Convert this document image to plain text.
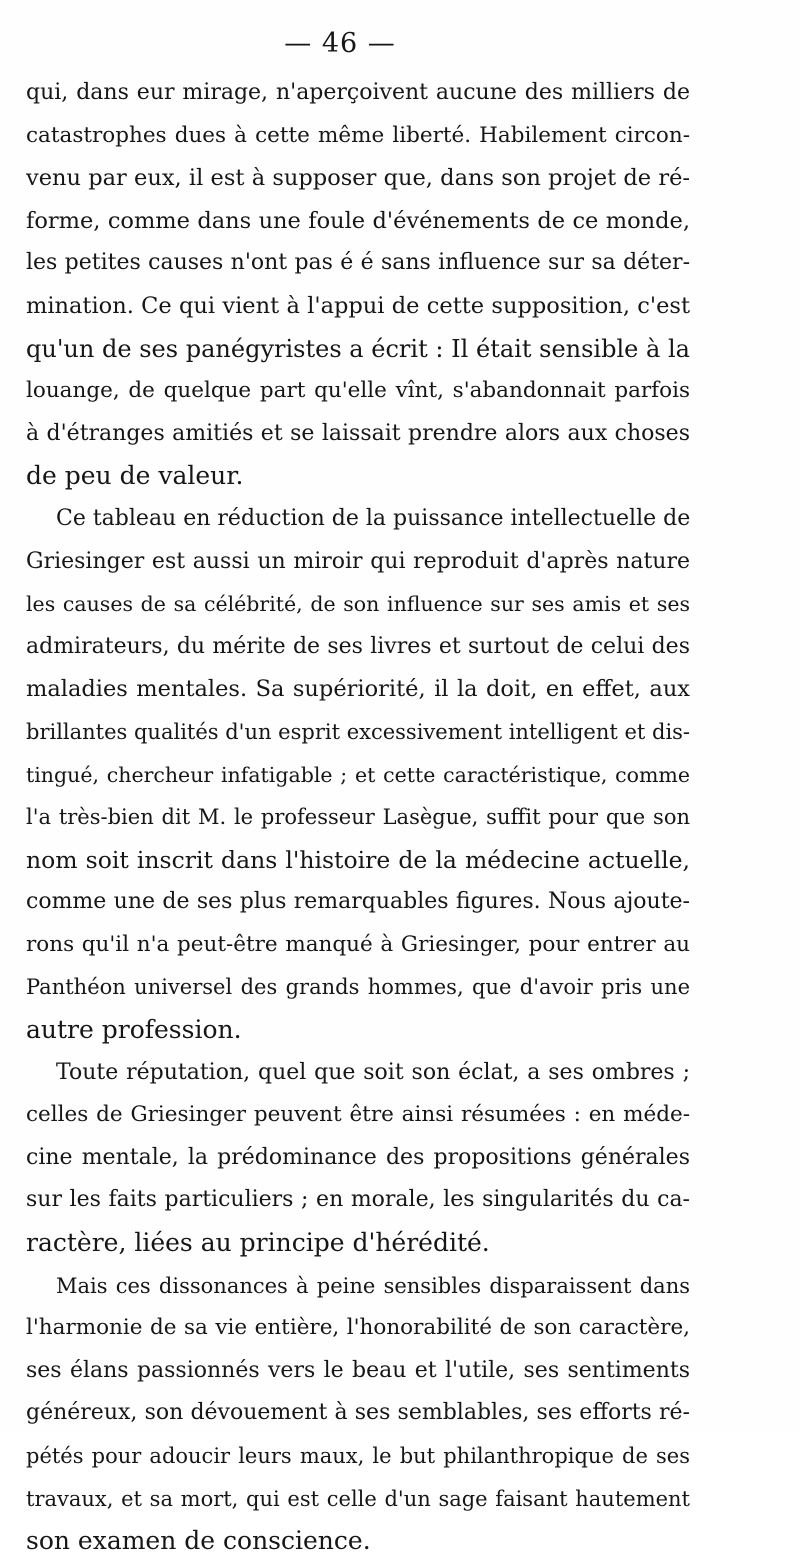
— 46 —
qui, dans eur mirage, n'aperçoivent aucune des milliers de
catastrophes dues à cette même liberté. Habilement circon-
venu par eux, il est à supposer que, dans son projet de ré-
forme, comme dans une foule d'événements de ce monde,
les petites causes n'ont pas é é sans influence sur sa déter-
mination. Ce qui vient à l'appui de cette supposition, c'est
qu'un de ses panégyristes a écrit : Il était sensible à la
louange, de quelque part qu'elle vînt, s'abandonnait parfois
à d'étranges amitiés et se laissait prendre alors aux choses
de peu de valeur.
Ce tableau en réduction de la puissance intellectuelle de
Griesinger est aussi un miroir qui reproduit d'après nature
les causes de sa célébrité, de son influence sur ses amis et ses
admirateurs, du mérite de ses livres et surtout de celui des
maladies mentales. Sa supériorité, il la doit, en effet, aux
brillantes qualités d'un esprit excessivement intelligent et dis-
tingué, chercheur infatigable ; et cette caractéristique, comme
l'a très-bien dit M. le professeur Lasègue, suffit pour que son
nom soit inscrit dans l'histoire de la médecine actuelle,
comme une de ses plus remarquables figures. Nous ajoute-
rons qu'il n'a peut-être manqué à Griesinger, pour entrer au
Panthéon universel des grands hommes, que d'avoir pris une
autre profession.
Toute réputation, quel que soit son éclat, a ses ombres ;
celles de Griesinger peuvent être ainsi résumées : en méde-
cine mentale, la prédominance des propositions générales
sur les faits particuliers ; en morale, les singularités du ca-
ractère, liées au principe d'hérédité.
Mais ces dissonances à peine sensibles disparaissent dans
l'harmonie de sa vie entière, l'honorabilité de son caractère,
ses élans passionnés vers le beau et l'utile, ses sentiments
généreux, son dévouement à ses semblables, ses efforts ré-
pétés pour adoucir leurs maux, le but philanthropique de ses
travaux, et sa mort, qui est celle d'un sage faisant hautement
son examen de conscience.
